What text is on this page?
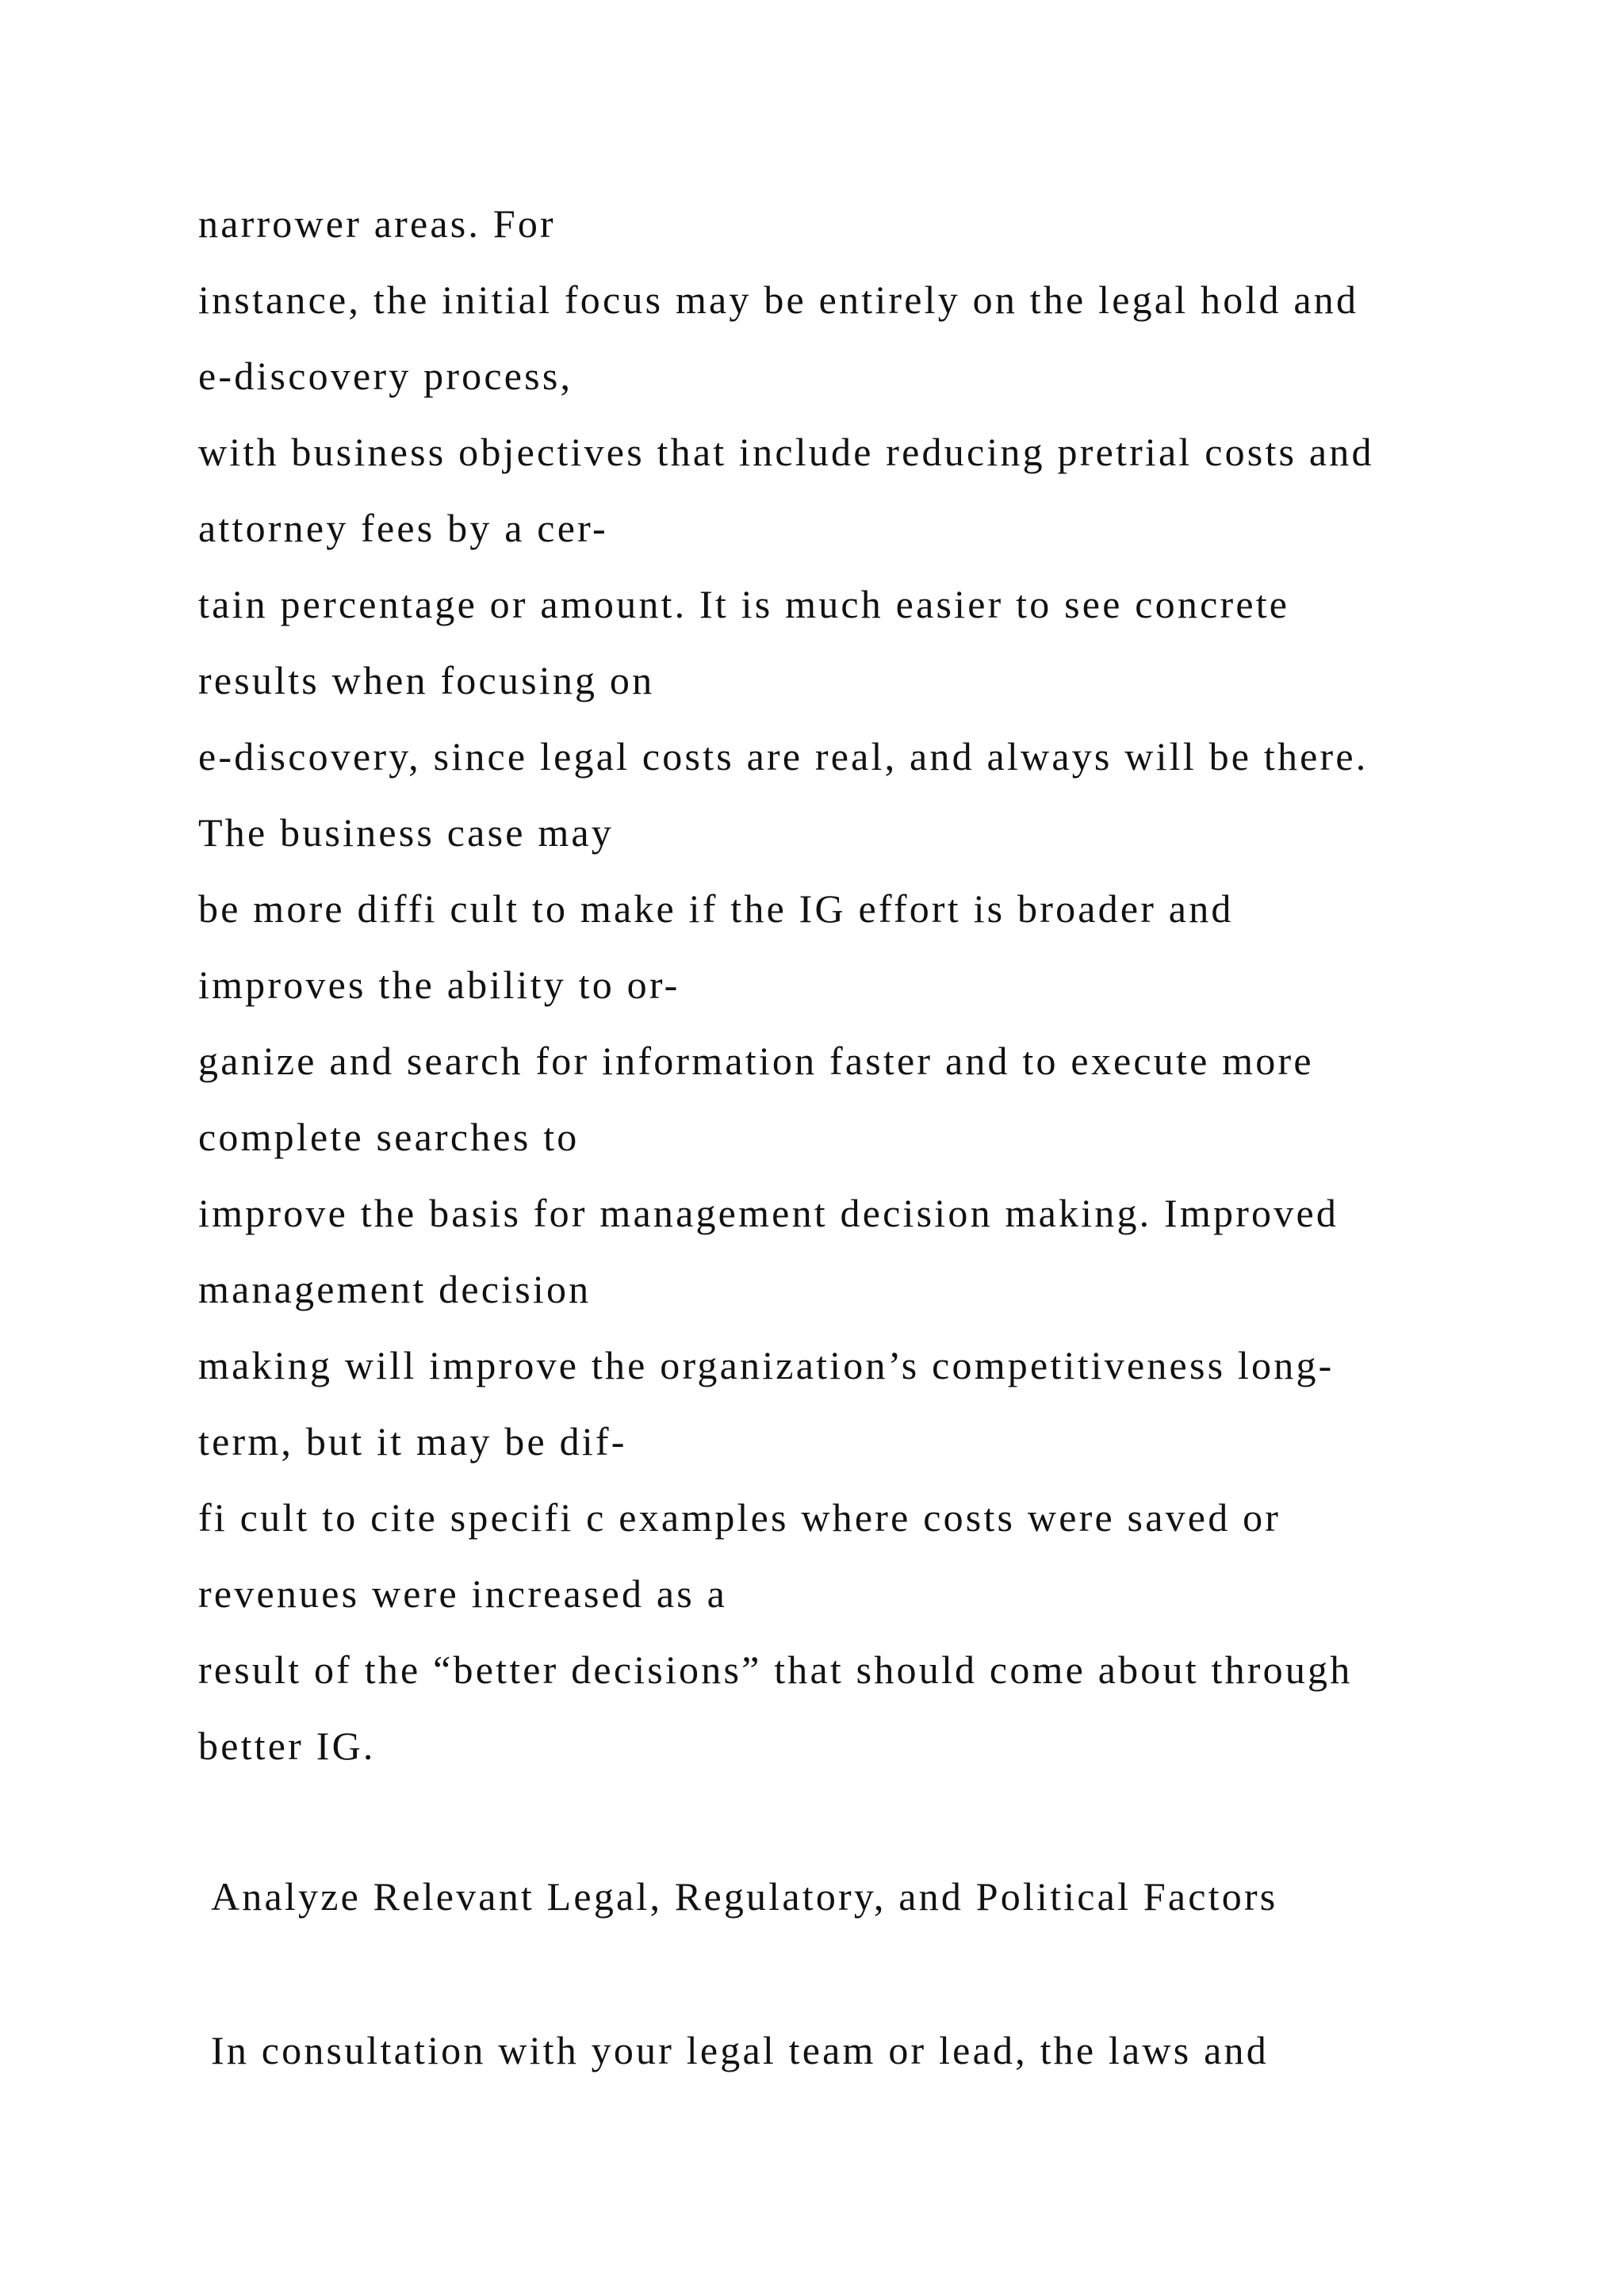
narrower areas. For
instance, the initial focus may be entirely on the legal hold and
e-discovery process,
with business objectives that include reducing pretrial costs and
attorney fees by a cer-
tain percentage or amount. It is much easier to see concrete
results when focusing on
e-discovery, since legal costs are real, and always will be there.
The business case may
be more diffi cult to make if the IG effort is broader and
improves the ability to or-
ganize and search for information faster and to execute more
complete searches to
improve the basis for management decision making. Improved
management decision
making will improve the organization’s competitiveness long-
term, but it may be dif-
fi cult to cite specifi c examples where costs were saved or
revenues were increased as a
result of the “better decisions” that should come about through
better IG.
Analyze Relevant Legal, Regulatory, and Political Factors
In consultation with your legal team or lead, the laws and
